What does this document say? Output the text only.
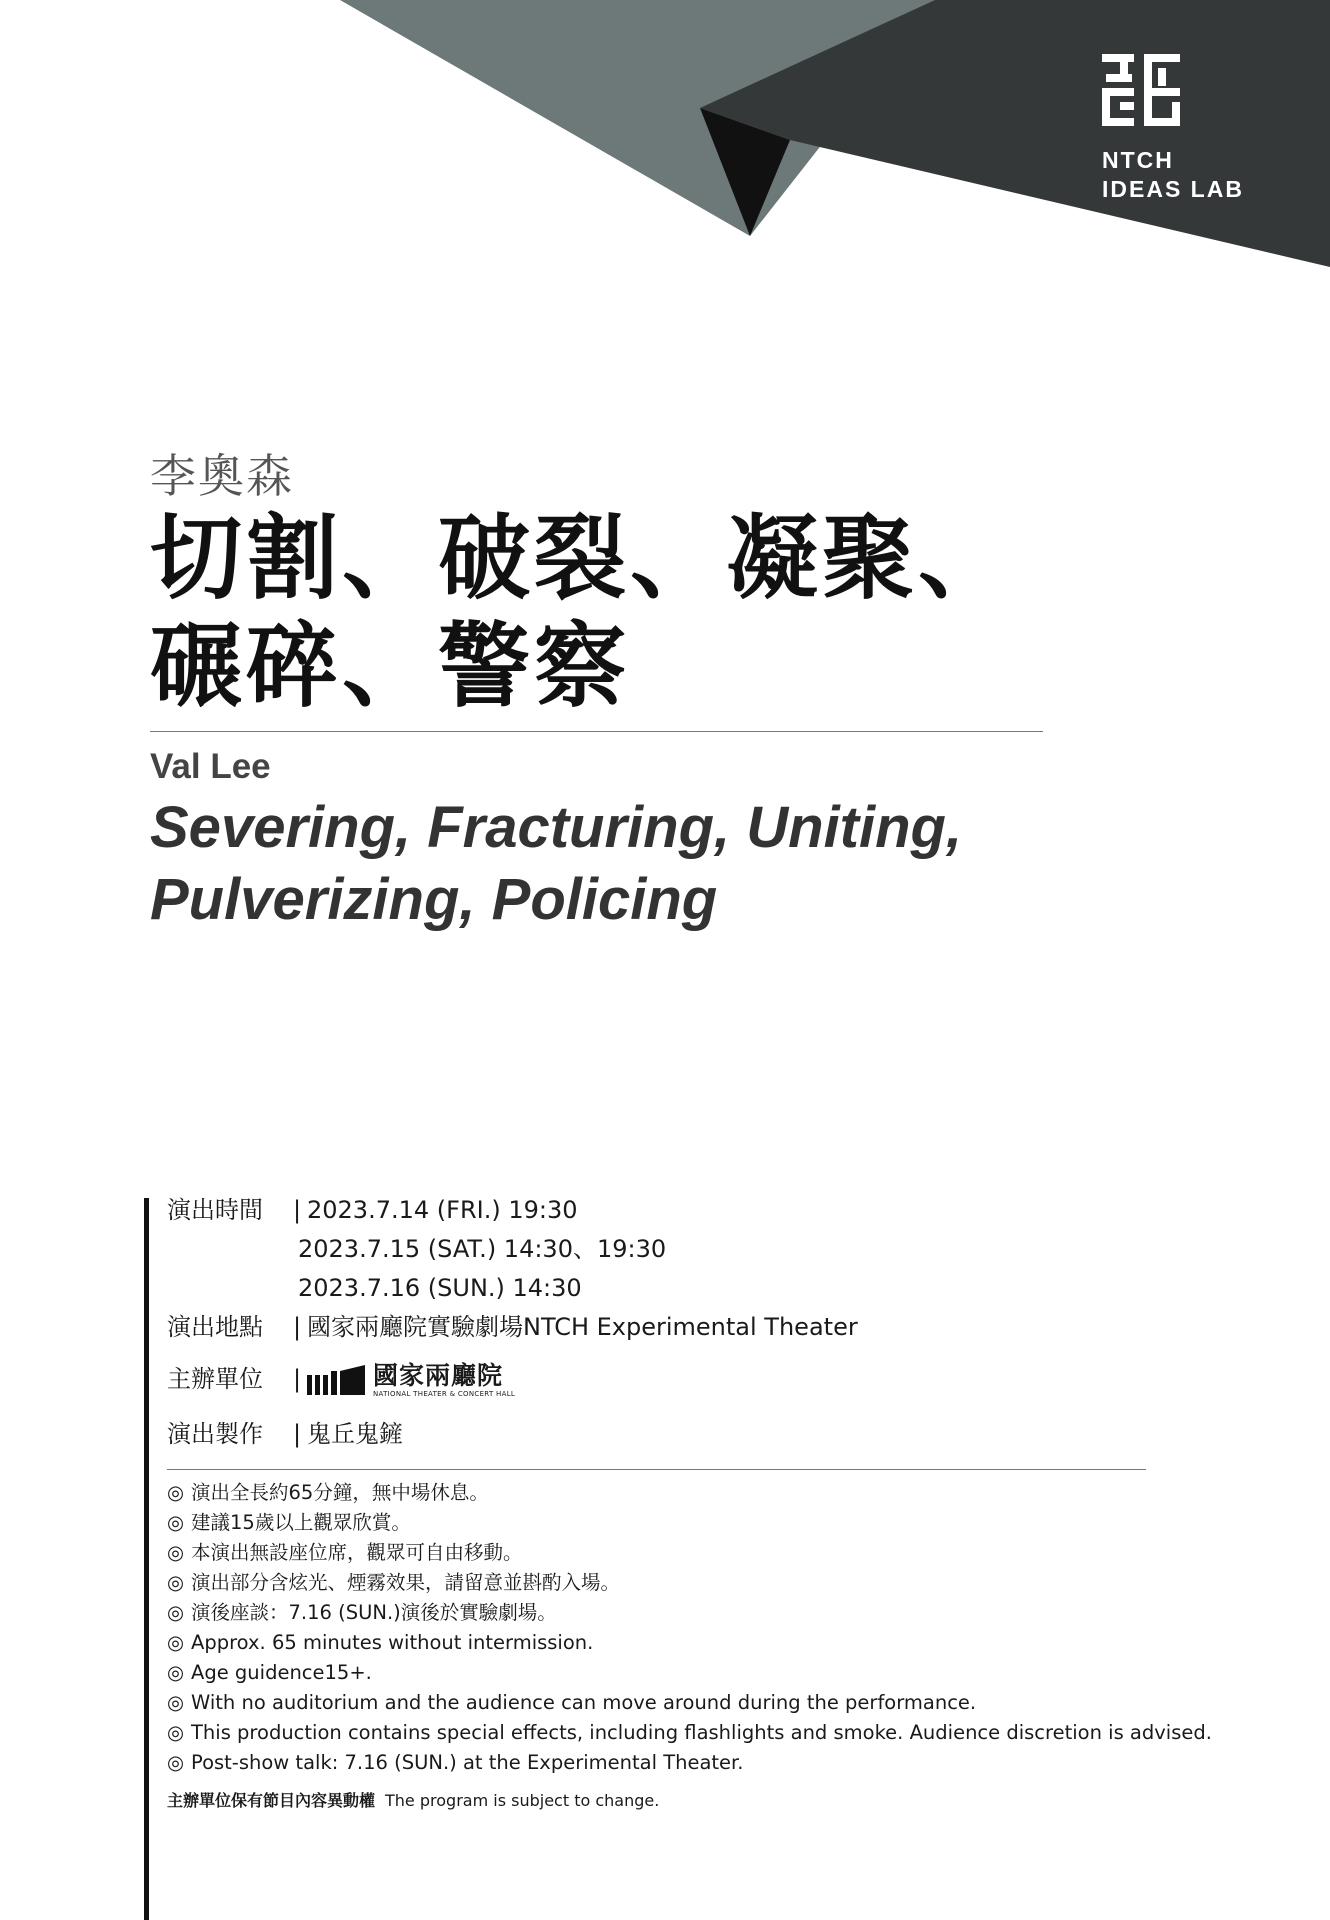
NTCH
IDEAS LAB
李奧森
切割、破裂、凝聚、
碾碎、警察
Val Lee
Severing, Fracturing, Uniting,
Pulverizing, Policing
演出時間 | 2023.7.14 (FRI.) 19:30
2023.7.15 (SAT.) 14:30、19:30
2023.7.16 (SUN.) 14:30
演出地點 | 國家兩廳院實驗劇場NTCH Experimental Theater
主辦單位 |	國家兩廳院
NATIONAL THEATER & CONCERT HALL
演出製作 | 鬼丘鬼鏟
◎ 演出全長約65分鐘，無中場休息。
◎ 建議15歲以上觀眾欣賞。
◎ 本演出無設座位席，觀眾可自由移動。
◎ 演出部分含炫光、煙霧效果，請留意並斟酌入場。
◎ 演後座談：7.16 (SUN.)演後於實驗劇場。
◎ Approx. 65 minutes without intermission.
◎ Age guidence15+.
◎ With no auditorium and the audience can move around during the performance.
◎ This production contains special effects, including flashlights and smoke. Audience discretion is advised.
◎ Post-show talk: 7.16 (SUN.) at the Experimental Theater.
主辦單位保有節目內容異動權 The program is subject to change.
